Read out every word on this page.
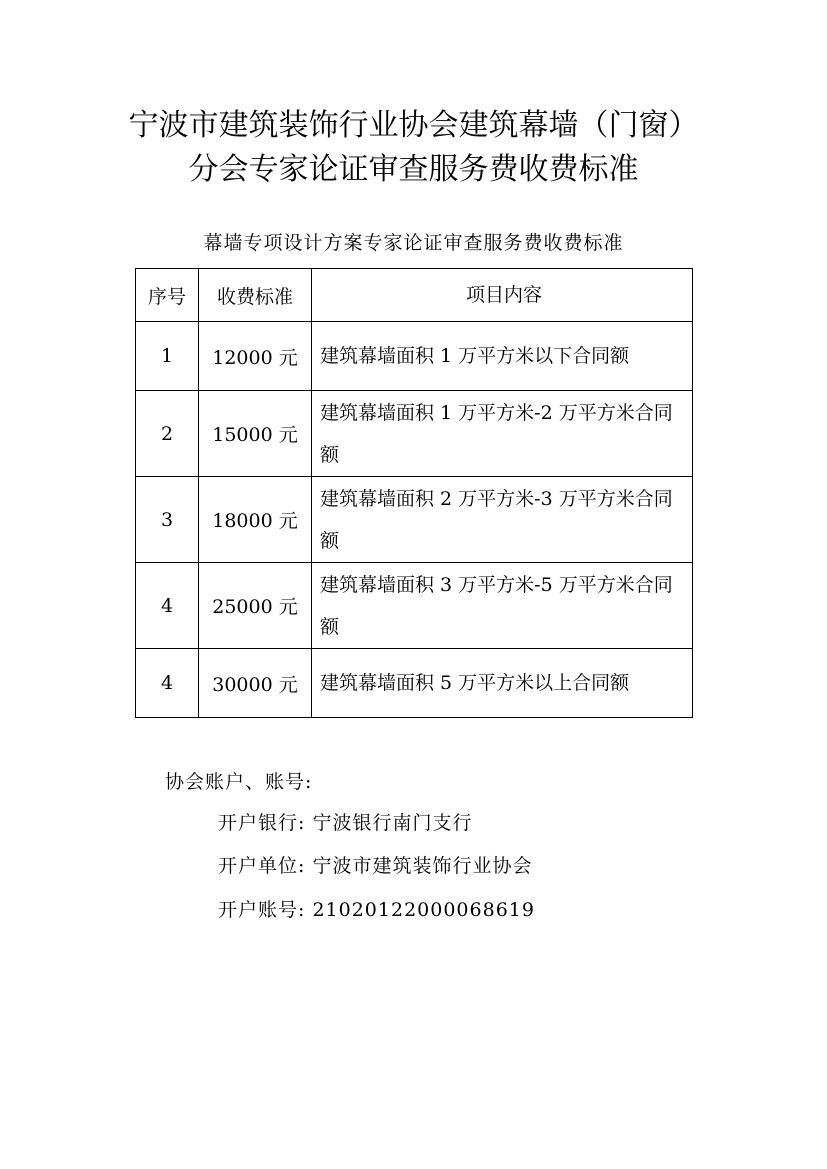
宁波市建筑装饰行业协会建筑幕墙（门窗）
分会专家论证审查服务费收费标准
幕墙专项设计方案专家论证审查服务费收费标准
序号	收费标准	项目内容
1	12000 元	建筑幕墙面积 1 万平方米以下合同额
2	15000 元	建筑幕墙面积 1 万平方米-2 万平方米合同额
3	18000 元	建筑幕墙面积 2 万平方米-3 万平方米合同额
4	25000 元	建筑幕墙面积 3 万平方米-5 万平方米合同额
4	30000 元	建筑幕墙面积 5 万平方米以上合同额
协会账户、账号:
开户银行: 宁波银行南门支行
开户单位: 宁波市建筑装饰行业协会
开户账号: 21020122000068619
